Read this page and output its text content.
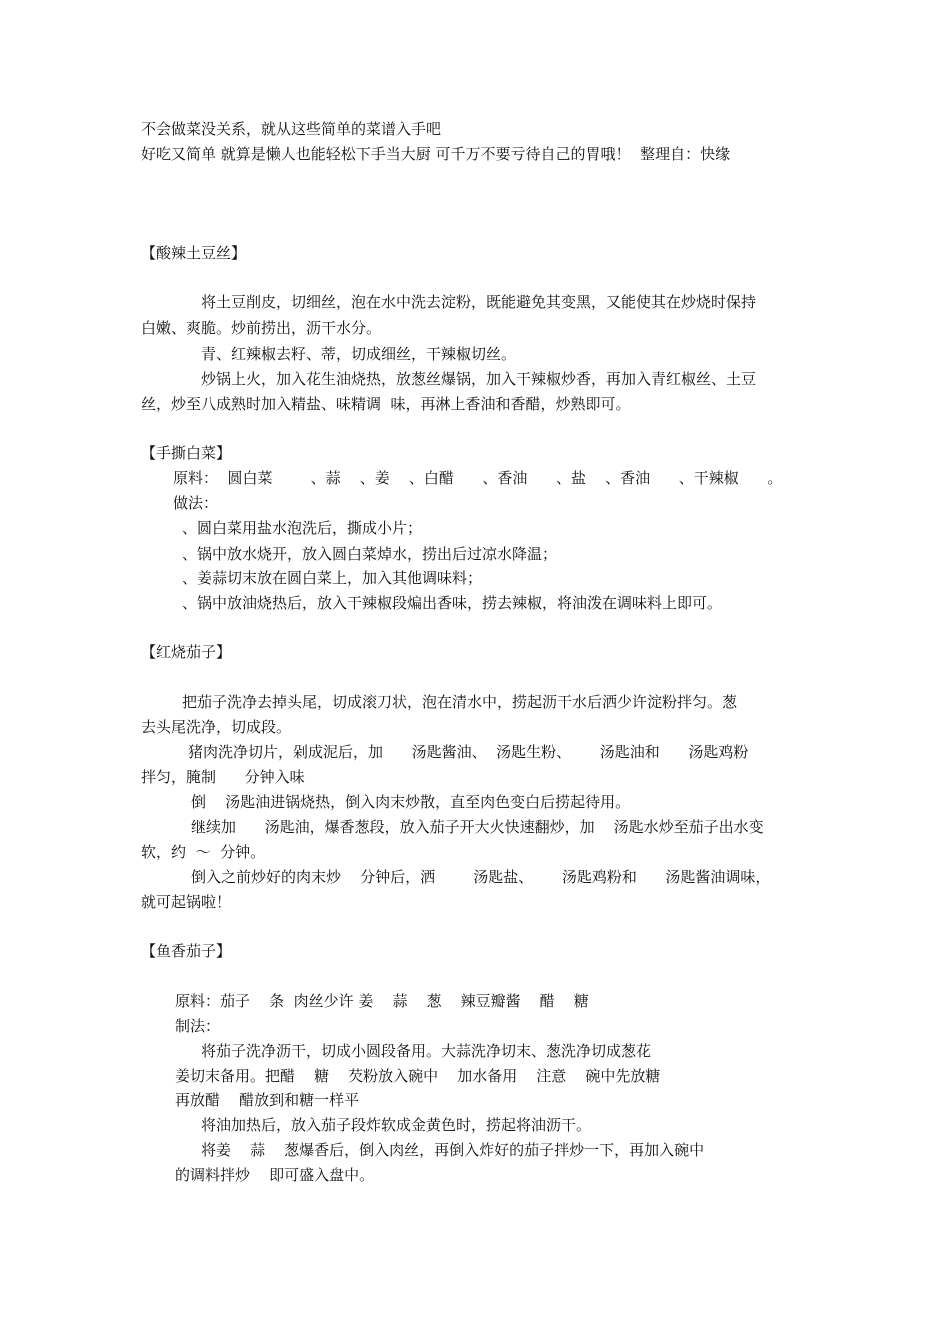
不会做菜没关系，就从这些简单的菜谱入手吧
好吃又简单 就算是懒人也能轻松下手当大厨 可千万不要亏待自己的胃哦！  整理自：快缘
【酸辣土豆丝】
将土豆削皮，切细丝，泡在水中洗去淀粉，既能避免其变黑，又能使其在炒烧时保持
白嫩、爽脆。炒前捞出，沥干水分。
青、红辣椒去籽、蒂，切成细丝，干辣椒切丝。
炒锅上火，加入花生油烧热，放葱丝爆锅，加入干辣椒炒香，再加入青红椒丝、土豆
丝，炒至八成熟时加入精盐、味精调  味，再淋上香油和香醋，炒熟即可。
【手撕白菜】
原料：  圆白菜        、蒜    、姜    、白醋      、香油      、盐    、香油      、干辣椒      。
做法：
、圆白菜用盐水泡洗后，撕成小片；
、锅中放水烧开，放入圆白菜焯水，捞出后过凉水降温；
、姜蒜切末放在圆白菜上，加入其他调味料；
、锅中放油烧热后，放入干辣椒段煸出香味，捞去辣椒，将油泼在调味料上即可。
【红烧茄子】
把茄子洗净去掉头尾，切成滚刀状，泡在清水中，捞起沥干水后洒少许淀粉拌匀。葱
去头尾洗净，切成段。
猪肉洗净切片，剁成泥后，加      汤匙酱油、  汤匙生粉、      汤匙油和      汤匙鸡粉
拌匀，腌制      分钟入味
倒    汤匙油进锅烧热，倒入肉末炒散，直至肉色变白后捞起待用。
继续加      汤匙油，爆香葱段，放入茄子开大火快速翻炒，加    汤匙水炒至茄子出水变
软，约  ～  分钟。
倒入之前炒好的肉末炒    分钟后，洒        汤匙盐、      汤匙鸡粉和      汤匙酱油调味，
就可起锅啦！
【鱼香茄子】
原料：茄子    条  肉丝少许 姜    蒜    葱    辣豆瓣酱    醋    糖
制法：
将茄子洗净沥干，切成小圆段备用。大蒜洗净切末、葱洗净切成葱花
姜切末备用。把醋    糖    芡粉放入碗中    加水备用    注意    碗中先放糖
再放醋    醋放到和糖一样平
将油加热后，放入茄子段炸软成金黄色时，捞起将油沥干。
将姜    蒜    葱爆香后，倒入肉丝，再倒入炸好的茄子拌炒一下，再加入碗中
的调料拌炒    即可盛入盘中。
